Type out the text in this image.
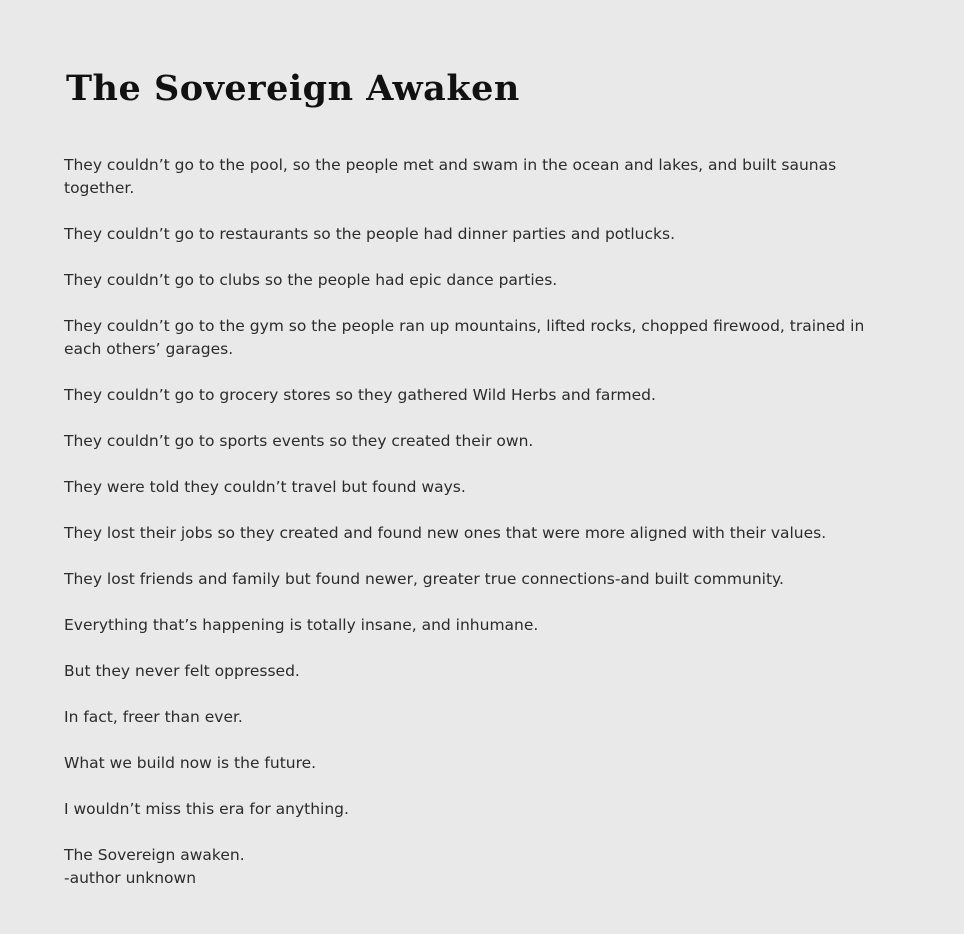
The Sovereign Awaken

They couldn’t go to the pool, so the people met and swam in the ocean and lakes, and built saunas together.

They couldn’t go to restaurants so the people had dinner parties and potlucks.

They couldn’t go to clubs so the people had epic dance parties.

They couldn’t go to the gym so the people ran up mountains, lifted rocks, chopped firewood, trained in each others’ garages.

They couldn’t go to grocery stores so they gathered Wild Herbs and farmed.

They couldn’t go to sports events so they created their own.

They were told they couldn’t travel but found ways.

They lost their jobs so they created and found new ones that were more aligned with their values.

They lost friends and family but found newer, greater true connections-and built community.

Everything that’s happening is totally insane, and inhumane.

But they never felt oppressed.

In fact, freer than ever.

What we build now is the future.

I wouldn’t miss this era for anything.

The Sovereign awaken.
-author unknown
